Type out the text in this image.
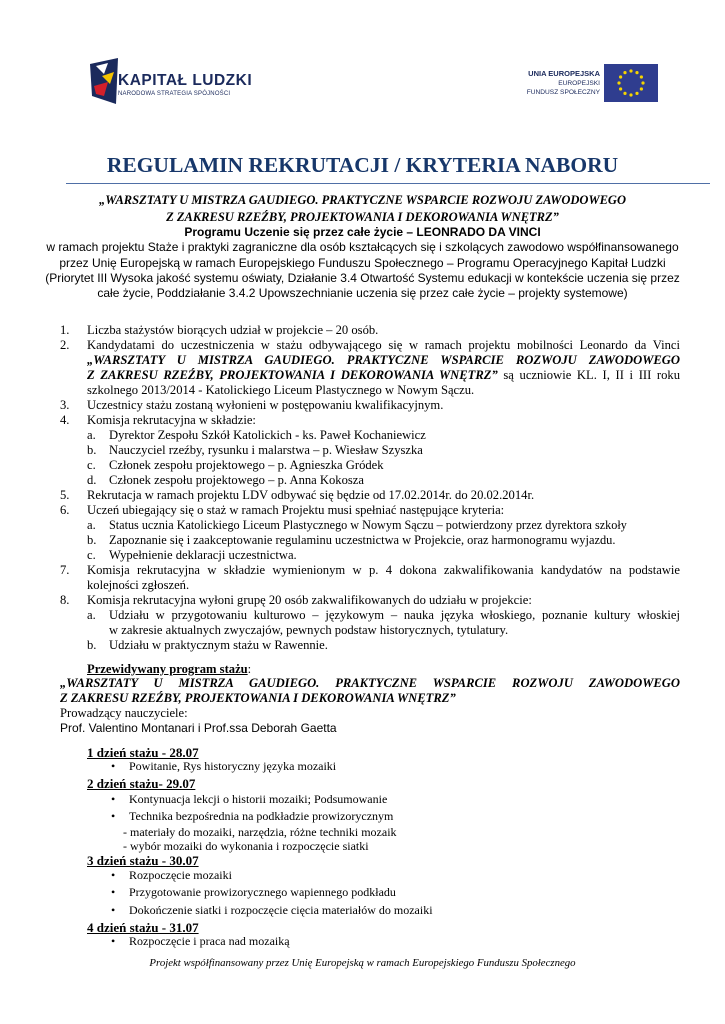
KAPITAŁ LUDZKI
NARODOWA STRATEGIA SPÓJNOŚCI
UNIA EUROPEJSKA
EUROPEJSKI
FUNDUSZ SPOŁECZNY
REGULAMIN REKRUTACJI / KRYTERIA NABORU
„WARSZTATY U MISTRZA GAUDIEGO. PRAKTYCZNE WSPARCIE ROZWOJU ZAWODOWEGO
Z ZAKRESU RZEŹBY, PROJEKTOWANIA I DEKOROWANIA WNĘTRZ”
Programu Uczenie się przez całe życie – LEONRADO DA VINCI
w ramach projektu Staże i praktyki zagraniczne dla osób kształcących się i szkolących zawodowo współfinansowanego
przez Unię Europejską w ramach Europejskiego Funduszu Społecznego – Programu Operacyjnego Kapitał Ludzki
(Priorytet III Wysoka jakość systemu oświaty, Działanie 3.4 Otwartość Systemu edukacji w kontekście uczenia się przez
całe życie, Poddziałanie 3.4.2 Upowszechnianie uczenia się przez całe życie – projekty systemowe)
1. Liczba stażystów biorących udział w projekcie – 20 osób.
2. Kandydatami do uczestniczenia w stażu odbywającego się w ramach projektu mobilności Leonardo da Vinci
„WARSZTATY U MISTRZA GAUDIEGO. PRAKTYCZNE WSPARCIE ROZWOJU ZAWODOWEGO
Z ZAKRESU RZEŹBY, PROJEKTOWANIA I DEKOROWANIA WNĘTRZ” są uczniowie KL. I, II i III roku
szkolnego 2013/2014 - Katolickiego Liceum Plastycznego w Nowym Sączu.
3. Uczestnicy stażu zostaną wyłonieni w postępowaniu kwalifikacyjnym.
4. Komisja rekrutacyjna w składzie:
a. Dyrektor Zespołu Szkół Katolickich - ks. Paweł Kochaniewicz
b. Nauczyciel rzeźby, rysunku i malarstwa – p. Wiesław Szyszka
c. Członek zespołu projektowego – p. Agnieszka Gródek
d. Członek zespołu projektowego – p. Anna Kokosza
5. Rekrutacja w ramach projektu LDV odbywać się będzie od 17.02.2014r. do 20.02.2014r.
6. Uczeń ubiegający się o staż w ramach Projektu musi spełniać następujące kryteria:
a. Status ucznia Katolickiego Liceum Plastycznego w Nowym Sączu – potwierdzony przez dyrektora szkoły
b. Zapoznanie się i zaakceptowanie regulaminu uczestnictwa w Projekcie, oraz harmonogramu wyjazdu.
c. Wypełnienie deklaracji uczestnictwa.
7. Komisja rekrutacyjna w składzie wymienionym w p. 4 dokona zakwalifikowania kandydatów na podstawie
kolejności zgłoszeń.
8. Komisja rekrutacyjna wyłoni grupę 20 osób zakwalifikowanych do udziału w projekcie:
a. Udziału w przygotowaniu kulturowo – językowym – nauka języka włoskiego, poznanie kultury włoskiej
w zakresie aktualnych zwyczajów, pewnych podstaw historycznych, tytulatury.
b. Udziału w praktycznym stażu w Rawennie.
Przewidywany program stażu:
„WARSZTATY U MISTRZA GAUDIEGO. PRAKTYCZNE WSPARCIE ROZWOJU ZAWODOWEGO
Z ZAKRESU RZEŹBY, PROJEKTOWANIA I DEKOROWANIA WNĘTRZ”
Prowadzący nauczyciele:
Prof. Valentino Montanari i Prof.ssa Deborah Gaetta
1 dzień stażu - 28.07
• Powitanie, Rys historyczny języka mozaiki
2 dzień stażu- 29.07
• Kontynuacja lekcji o historii mozaiki; Podsumowanie
• Technika bezpośrednia na podkładzie prowizorycznym
- materiały do mozaiki, narzędzia, różne techniki mozaik
- wybór mozaiki do wykonania i rozpoczęcie siatki
3 dzień stażu - 30.07
• Rozpoczęcie mozaiki
• Przygotowanie prowizorycznego wapiennego podkładu
• Dokończenie siatki i rozpoczęcie cięcia materiałów do mozaiki
4 dzień stażu - 31.07
• Rozpoczęcie i praca nad mozaiką
Projekt współfinansowany przez Unię Europejską w ramach Europejskiego Funduszu Społecznego
